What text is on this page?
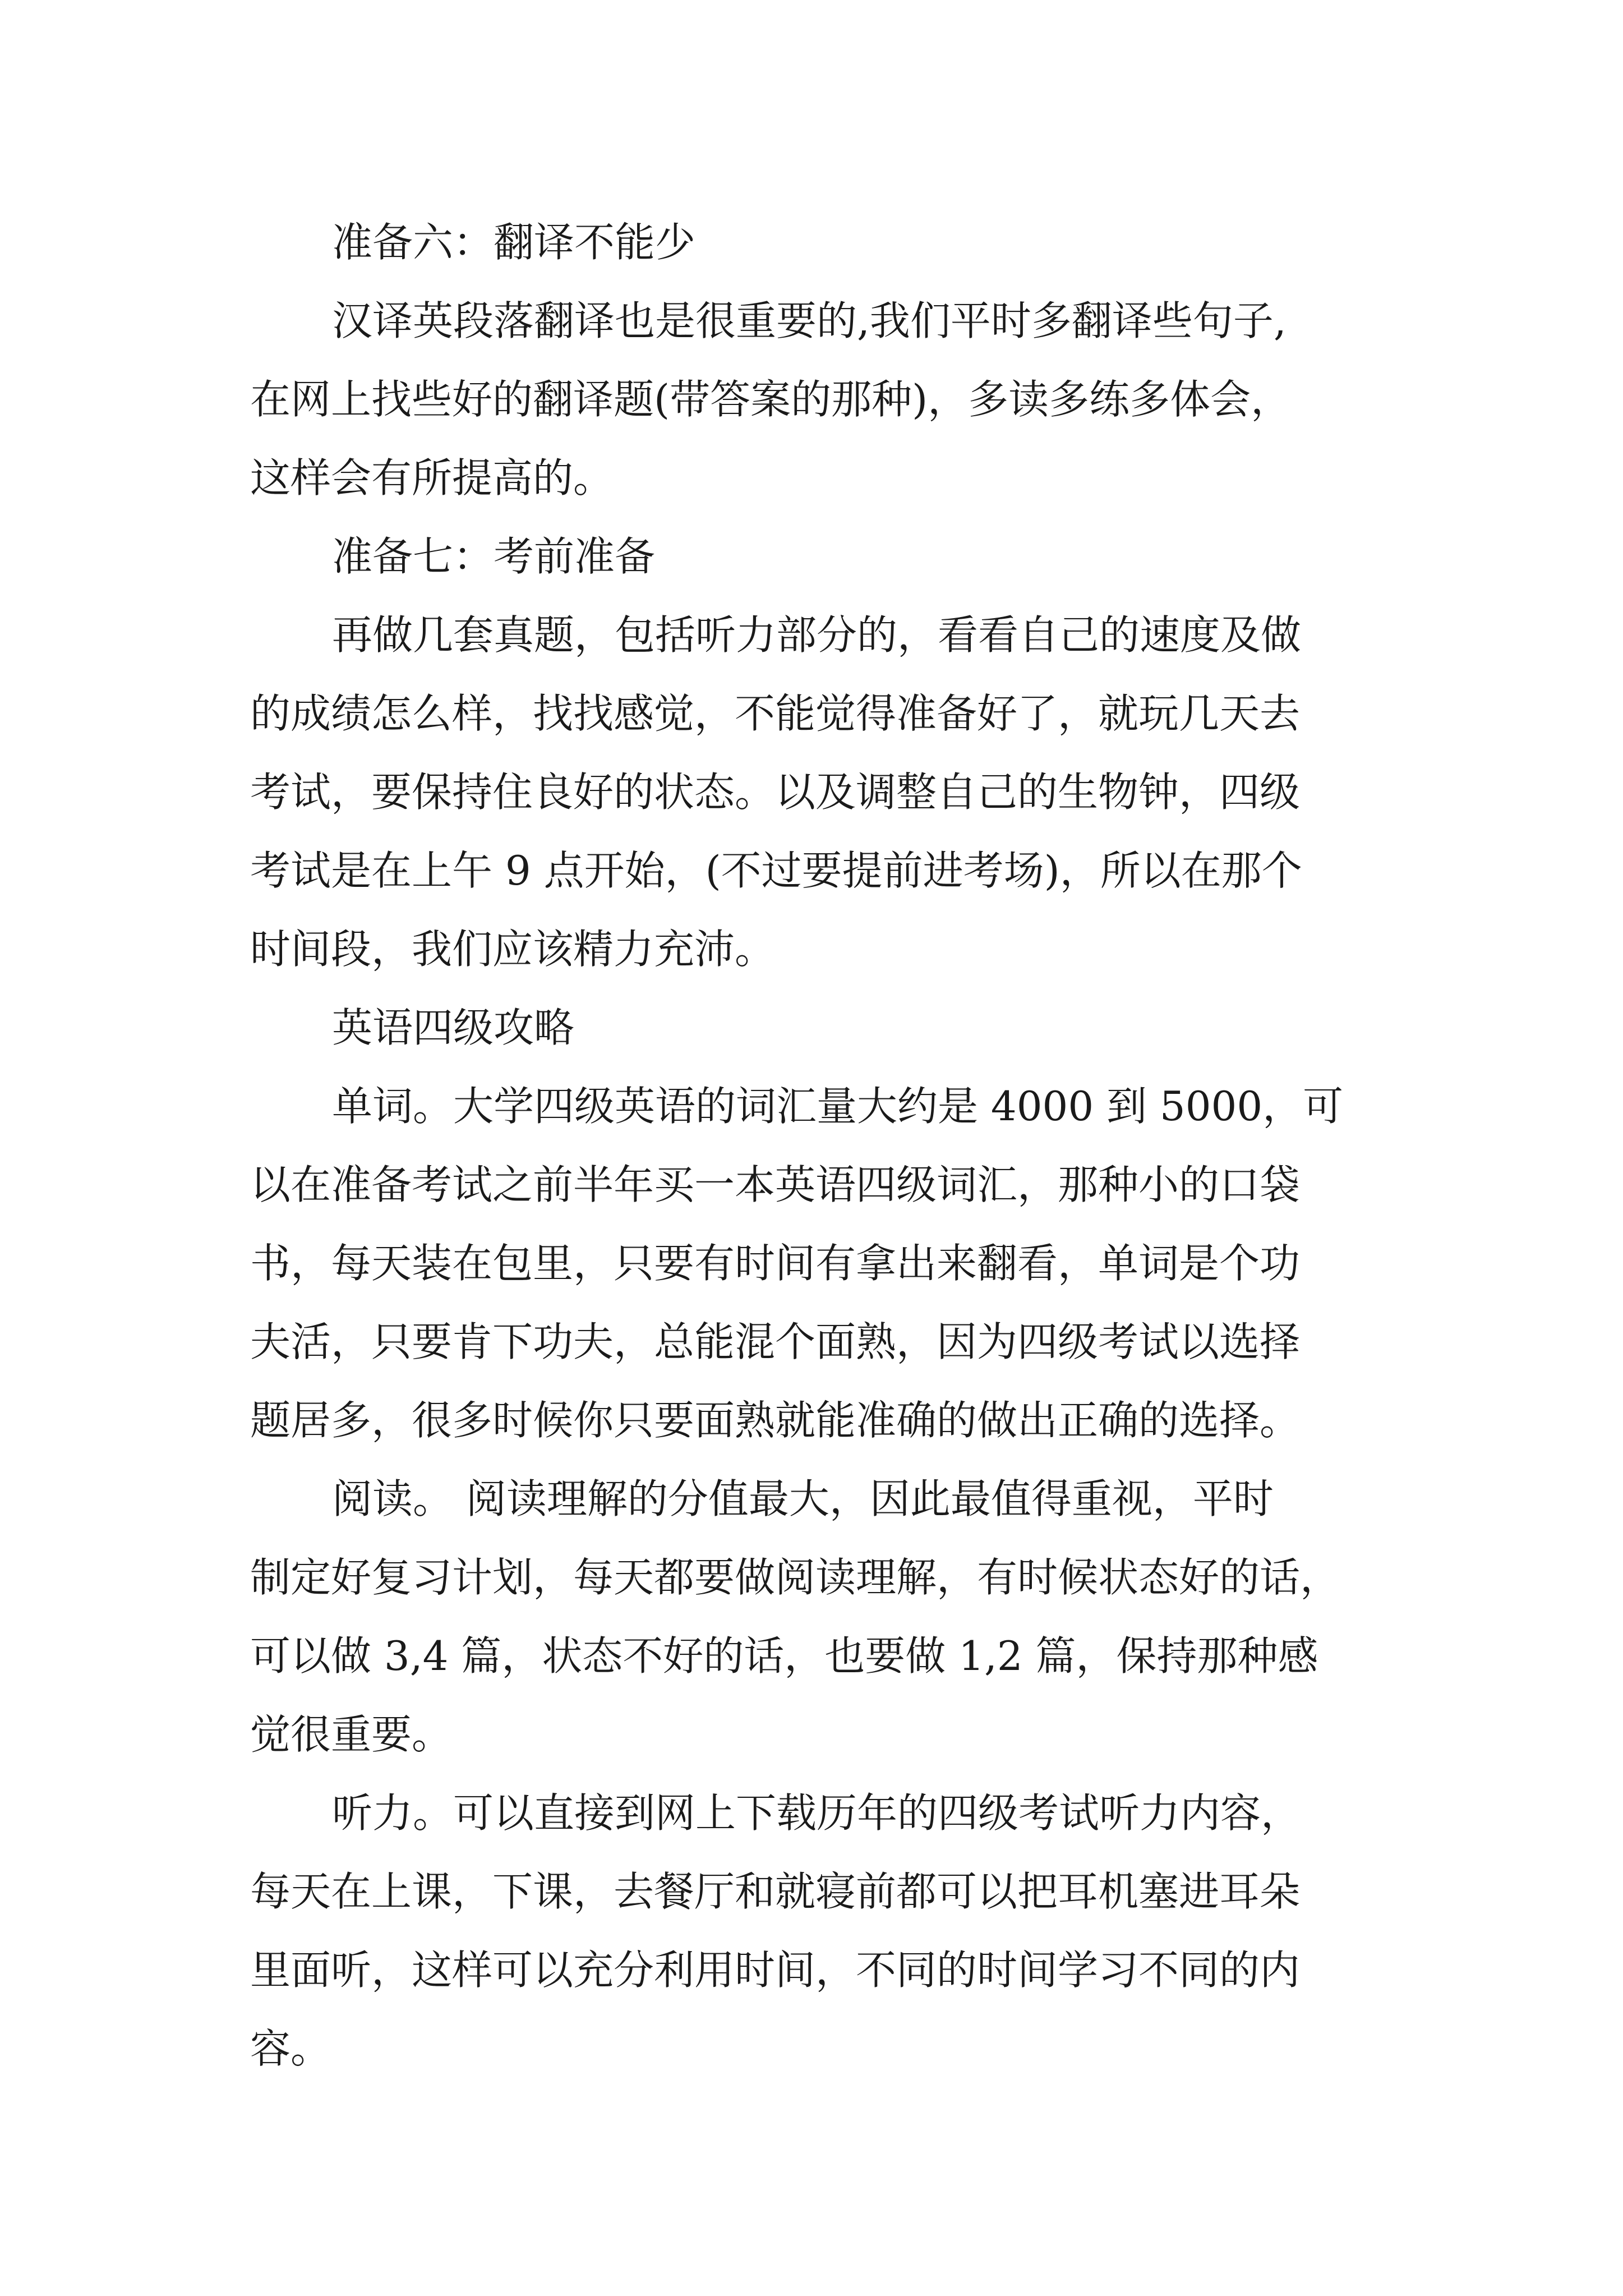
准备六：翻译不能少
汉译英段落翻译也是很重要的,我们平时多翻译些句子,
在网上找些好的翻译题(带答案的那种)，多读多练多体会，
这样会有所提高的。
准备七：考前准备
再做几套真题，包括听力部分的，看看自己的速度及做
的成绩怎么样，找找感觉，不能觉得准备好了，就玩几天去
考试，要保持住良好的状态。以及调整自己的生物钟，四级
考试是在上午 9 点开始，(不过要提前进考场)，所以在那个
时间段，我们应该精力充沛。
英语四级攻略
单词。大学四级英语的词汇量大约是 4000 到 5000，可
以在准备考试之前半年买一本英语四级词汇，那种小的口袋
书，每天装在包里，只要有时间有拿出来翻看，单词是个功
夫活，只要肯下功夫，总能混个面熟，因为四级考试以选择
题居多，很多时候你只要面熟就能准确的做出正确的选择。
阅读。 阅读理解的分值最大，因此最值得重视，平时
制定好复习计划，每天都要做阅读理解，有时候状态好的话，
可以做 3,4 篇，状态不好的话，也要做 1,2 篇，保持那种感
觉很重要。
听力。可以直接到网上下载历年的四级考试听力内容，
每天在上课，下课，去餐厅和就寝前都可以把耳机塞进耳朵
里面听，这样可以充分利用时间，不同的时间学习不同的内
容。
